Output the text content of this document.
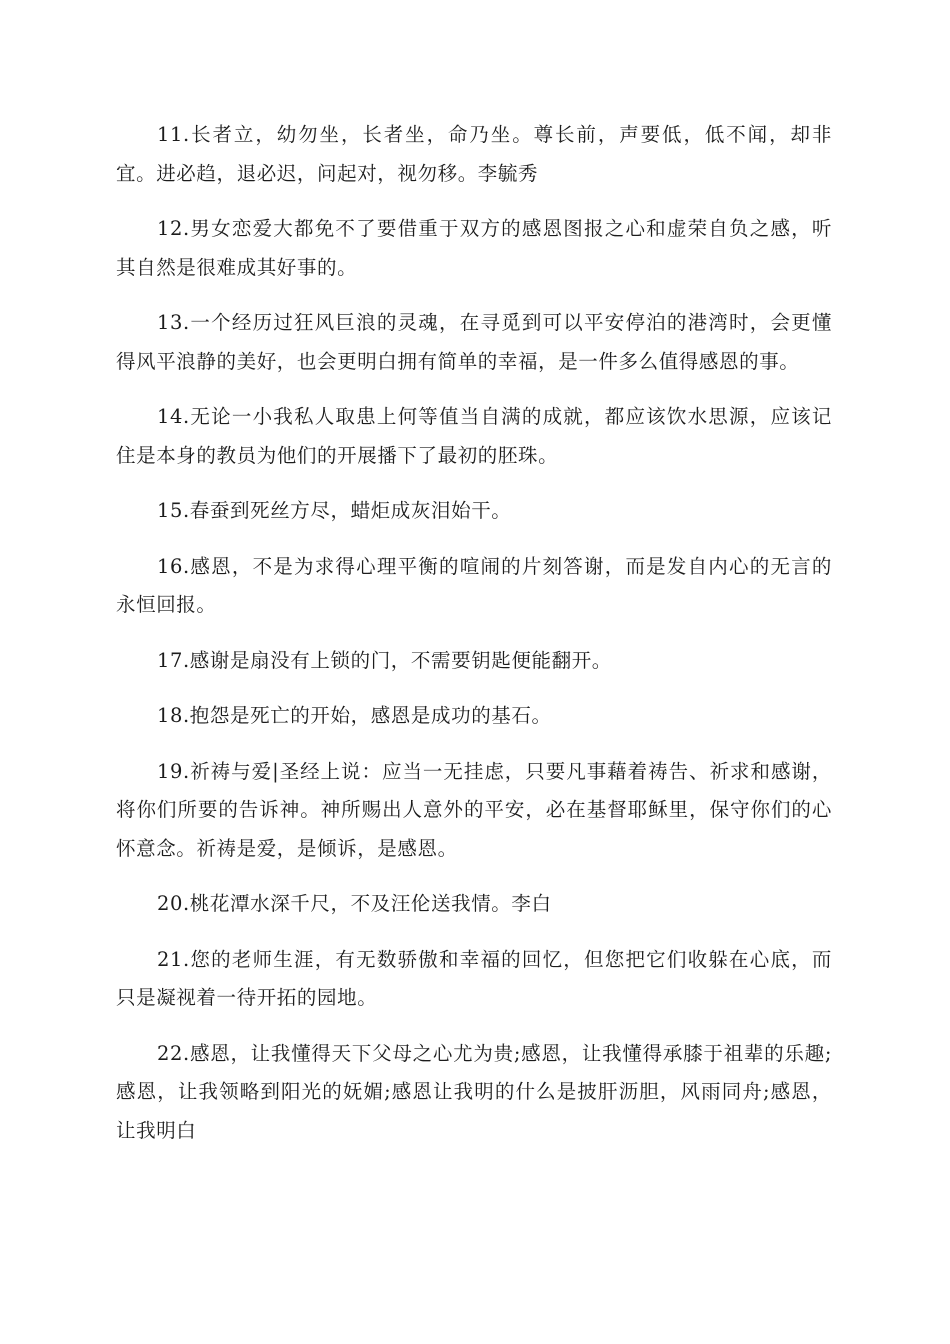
11.长者立，幼勿坐，长者坐，命乃坐。尊长前，声要低，低不闻，却非宜。进必趋，退必迟，问起对，视勿移。李毓秀

12.男女恋爱大都免不了要借重于双方的感恩图报之心和虚荣自负之感，听其自然是很难成其好事的。

13.一个经历过狂风巨浪的灵魂，在寻觅到可以平安停泊的港湾时，会更懂得风平浪静的美好，也会更明白拥有简单的幸福，是一件多么值得感恩的事。

14.无论一小我私人取患上何等值当自满的成就，都应该饮水思源，应该记住是本身的教员为他们的开展播下了最初的胚珠。

15.春蚕到死丝方尽，蜡炬成灰泪始干。

16.感恩，不是为求得心理平衡的喧闹的片刻答谢，而是发自内心的无言的永恒回报。

17.感谢是扇没有上锁的门，不需要钥匙便能翻开。

18.抱怨是死亡的开始，感恩是成功的基石。

19.祈祷与爱|圣经上说：应当一无挂虑，只要凡事藉着祷告、祈求和感谢，将你们所要的告诉神。神所赐出人意外的平安，必在基督耶稣里，保守你们的心怀意念。祈祷是爱，是倾诉，是感恩。

20.桃花潭水深千尺，不及汪伦送我情。李白

21.您的老师生涯，有无数骄傲和幸福的回忆，但您把它们收躲在心底，而只是凝视着一待开拓的园地。

22.感恩，让我懂得天下父母之心尤为贵;感恩，让我懂得承膝于祖辈的乐趣;感恩，让我领略到阳光的妩媚;感恩让我明的什么是披肝沥胆，风雨同舟;感恩，让我明白
